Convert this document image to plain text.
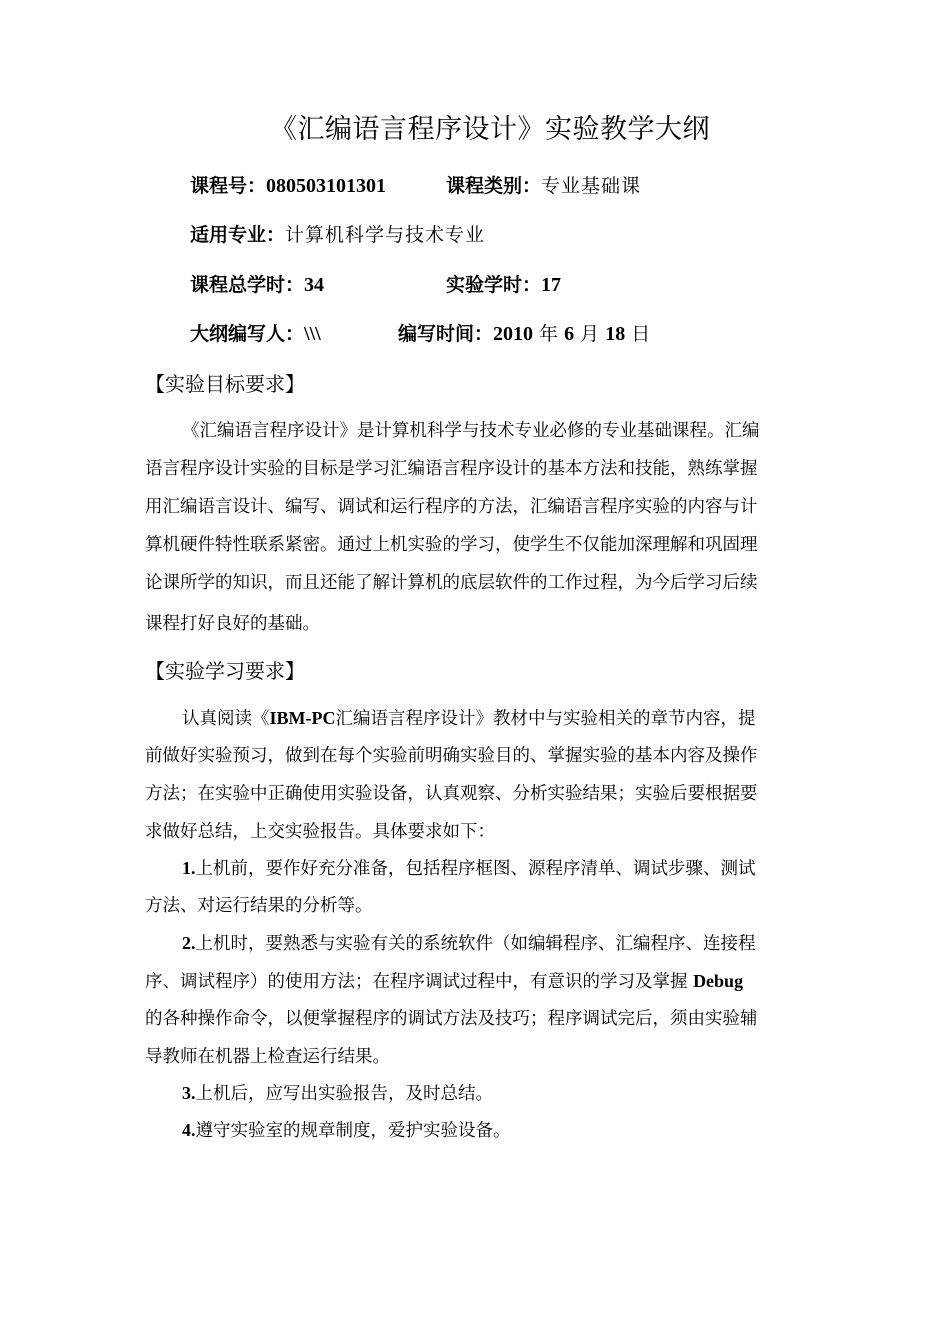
《汇编语言程序设计》实验教学大纲
课程号：080503101301	课程类别：专业基础课
适用专业：计算机科学与技术专业
课程总学时：34	实验学时：17
大纲编写人：\\\	编写时间：2010 年 6 月 18 日
【实验目标要求】
《汇编语言程序设计》是计算机科学与技术专业必修的专业基础课程。汇编
语言程序设计实验的目标是学习汇编语言程序设计的基本方法和技能，熟练掌握
用汇编语言设计、编写、调试和运行程序的方法，汇编语言程序实验的内容与计
算机硬件特性联系紧密。通过上机实验的学习，使学生不仅能加深理解和巩固理
论课所学的知识，而且还能了解计算机的底层软件的工作过程，为今后学习后续
课程打好良好的基础。
【实验学习要求】
认真阅读《IBM-PC汇编语言程序设计》教材中与实验相关的章节内容，提
前做好实验预习，做到在每个实验前明确实验目的、掌握实验的基本内容及操作
方法；在实验中正确使用实验设备，认真观察、分析实验结果；实验后要根据要
求做好总结，上交实验报告。具体要求如下：
1.上机前，要作好充分准备，包括程序框图、源程序清单、调试步骤、测试
方法、对运行结果的分析等。
2.上机时，要熟悉与实验有关的系统软件（如编辑程序、汇编程序、连接程
序、调试程序）的使用方法；在程序调试过程中，有意识的学习及掌握 Debug
的各种操作命令，以便掌握程序的调试方法及技巧；程序调试完后，须由实验辅
导教师在机器上检查运行结果。
3.上机后，应写出实验报告，及时总结。
4.遵守实验室的规章制度，爱护实验设备。
